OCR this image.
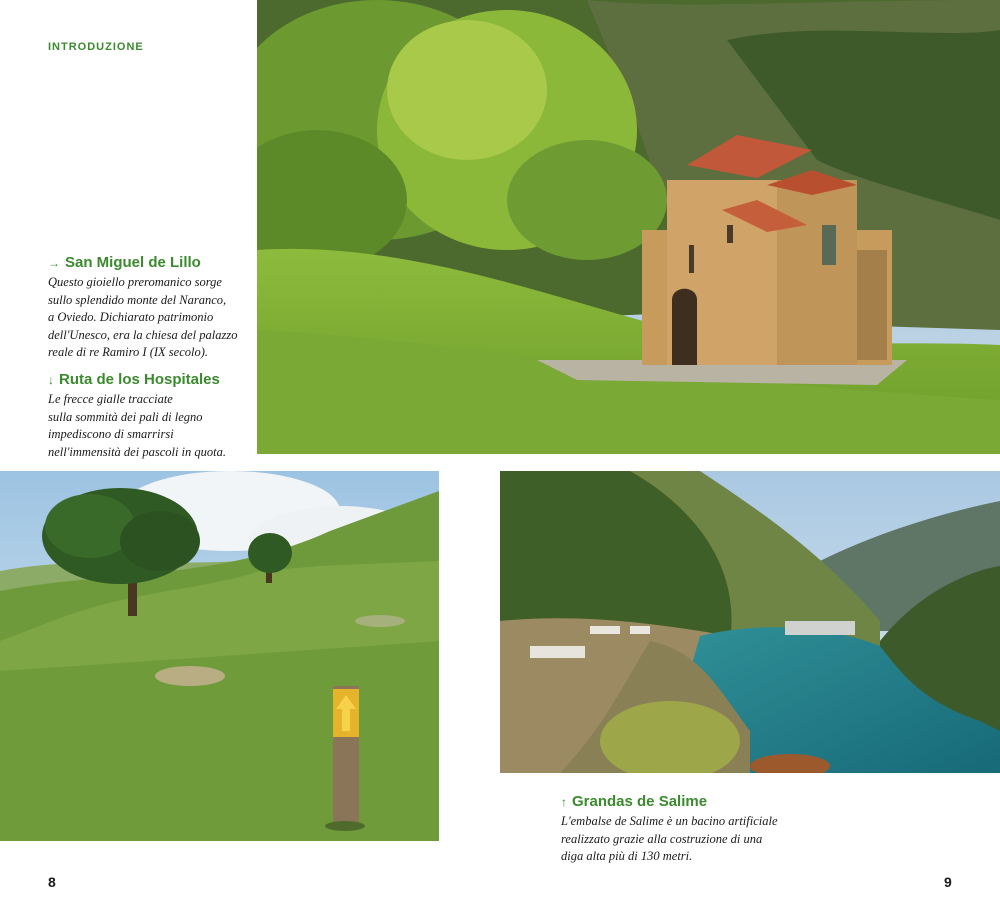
INTRODUZIONE
→ San Miguel de Lillo

Questo gioiello preromanico sorge
sullo splendido monte del Naranco,
a Oviedo. Dichiarato patrimonio
dell'Unesco, era la chiesa del palazzo
reale di re Ramiro I (IX secolo).

↓ Ruta de los Hospitales

Le frecce gialle tracciate
sulla sommità dei pali di legno
impediscono di smarrirsi
nell'immensità dei pascoli in quota.

↑ Grandas de Salime

L'embalse de Salime è un bacino artificiale
realizzato grazie alla costruzione di una
diga alta più di 130 metri.

8	9
